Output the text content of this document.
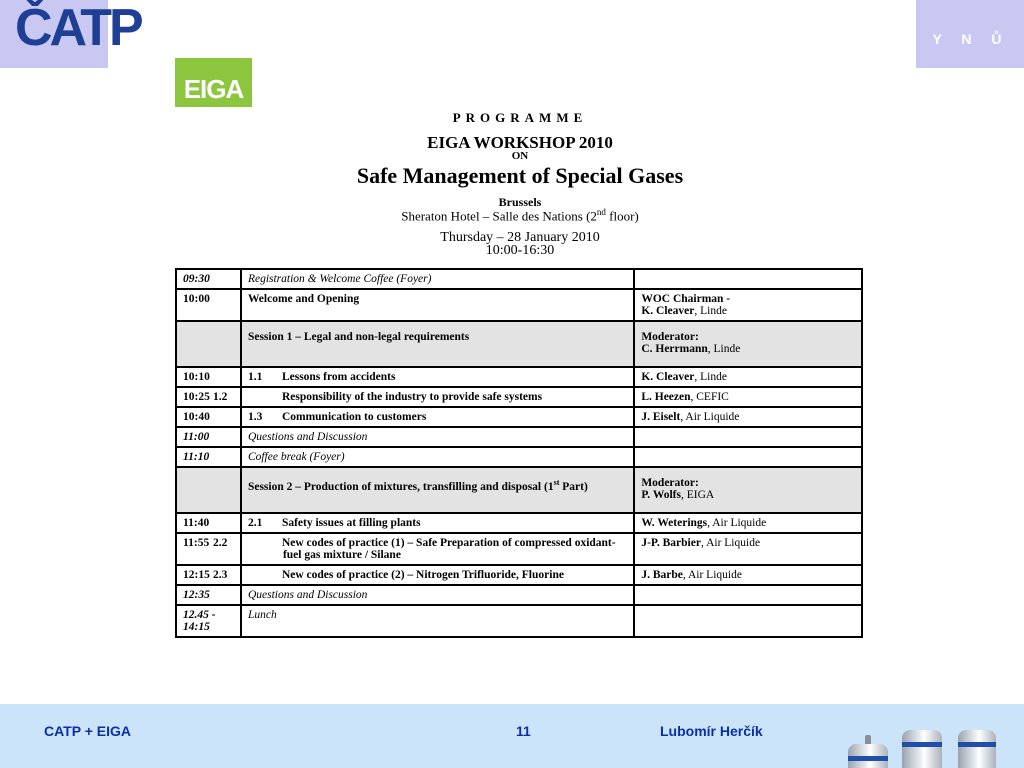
ČATP	Y N Ů
EIGA
PROGRAMME
EIGA WORKSHOP 2010
ON
Safe Management of Special Gases
Brussels
Sheraton Hotel – Salle des Nations (2nd floor)
Thursday – 28 January 2010
10:00-16:30
09:30	Registration & Welcome Coffee (Foyer)	
10:00	Welcome and Opening	WOC Chairman -
K. Cleaver, Linde
	Session 1 – Legal and non-legal requirements	Moderator:
C. Herrmann, Linde
10:10	1.1 Lessons from accidents	K. Cleaver, Linde
10:25	1.2 Responsibility of the industry to provide safe systems	L. Heezen, CEFIC
10:40	1.3 Communication to customers	J. Eiselt, Air Liquide
11:00	Questions and Discussion	
11:10	Coffee break (Foyer)	
	Session 2 – Production of mixtures, transfilling and disposal (1st Part)	Moderator:
P. Wolfs, EIGA
11:40	2.1 Safety issues at filling plants	W. Weterings, Air Liquide
11:55	2.2 New codes of practice (1) – Safe Preparation of compressed oxidant-fuel gas mixture / Silane	J-P. Barbier, Air Liquide
12:15	2.3 New codes of practice (2) – Nitrogen Trifluoride, Fluorine	J. Barbe, Air Liquide
12:35	Questions and Discussion	
12.45 - 14:15	Lunch	
CATP + EIGA	11	Lubomír Herčík
